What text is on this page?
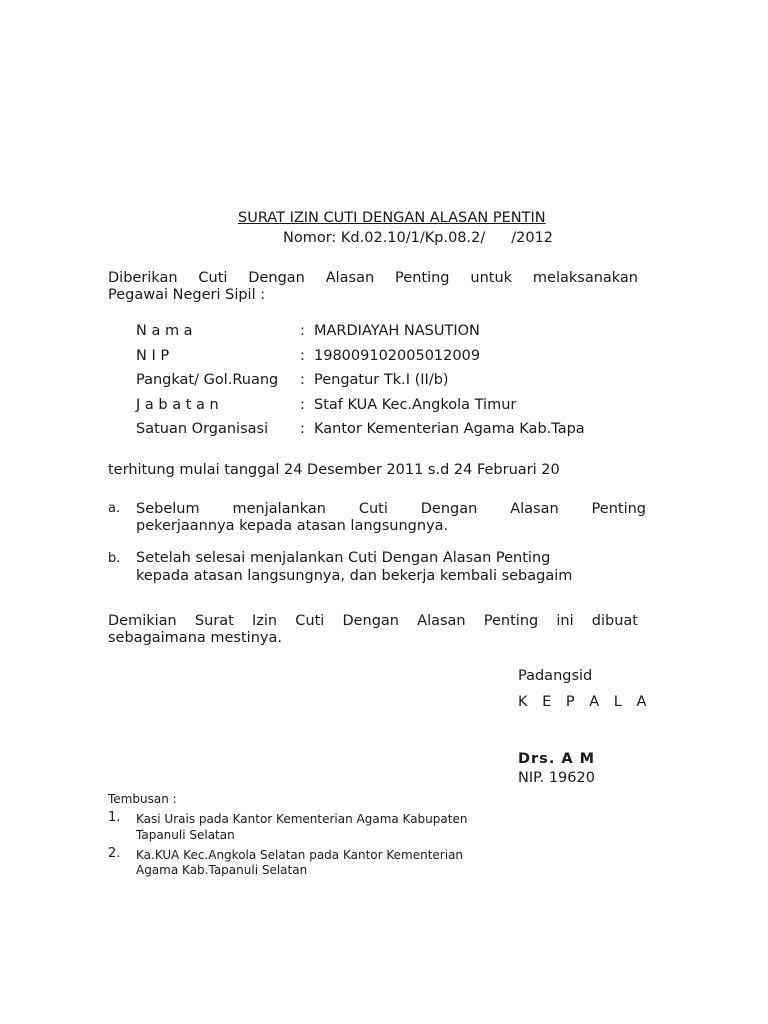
SURAT IZIN CUTI DENGAN ALASAN PENTIN
Nomor: Kd.02.10/1/Kp.08.2/ /2012
Diberikan Cuti Dengan Alasan Penting untuk melaksanakan
Pegawai Negeri Sipil :
N a m a	: MARDIAYAH NASUTION
N I P	: 198009102005012009
Pangkat/ Gol.Ruang : Pengatur Tk.I (II/b)
J a b a t a n	: Staf KUA Kec.Angkola Timur
Satuan Organisasi : Kantor Kementerian Agama Kab.Tapa
terhitung mulai tanggal 24 Desember 2011 s.d 24 Februari 20
a. Sebelum menjalankan Cuti Dengan Alasan Penting
pekerjaannya kepada atasan langsungnya.
b. Setelah selesai menjalankan Cuti Dengan Alasan Penting
kepada atasan langsungnya, dan bekerja kembali sebagaim
Demikian Surat Izin Cuti Dengan Alasan Penting ini dibuat
sebagaimana mestinya.
Padangsid
K E P A L A
Drs. A M
NIP. 19620
Tembusan :
1. Kasi Urais pada Kantor Kementerian Agama Kabupaten
Tapanuli Selatan
2. Ka.KUA Kec.Angkola Selatan pada Kantor Kementerian
Agama Kab.Tapanuli Selatan
